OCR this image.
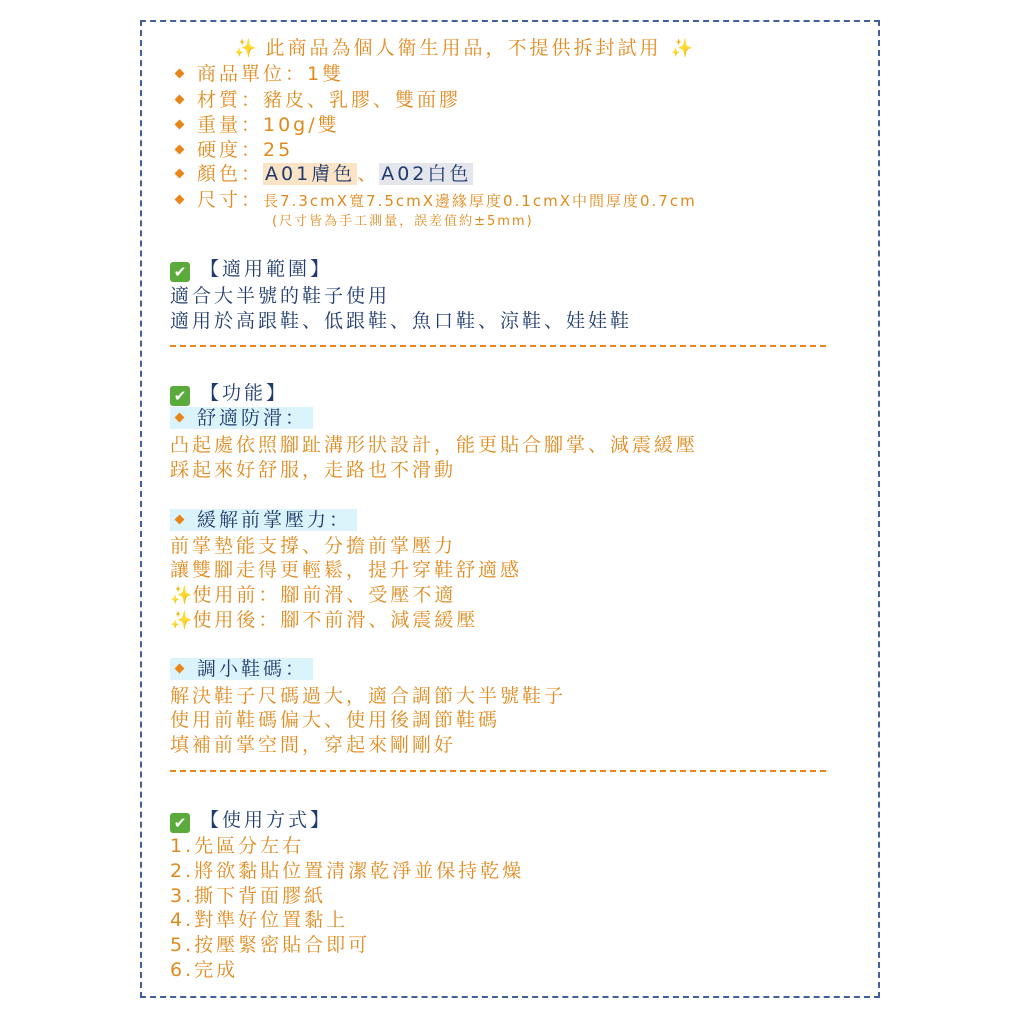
✨ 此商品為個人衛生用品，不提供拆封試用 ✨
商品單位：1雙
材質：豬皮、乳膠、雙面膠
重量：10g/雙
硬度：25
顏色： A01膚色 、 A02白色
尺寸：長7.3cmX寬7.5cmX邊緣厚度0.1cmX中間厚度0.7cm
(尺寸皆為手工測量，誤差值約±5mm)
✔ 【適用範圍】
適合大半號的鞋子使用
適用於高跟鞋、低跟鞋、魚口鞋、涼鞋、娃娃鞋
✔ 【功能】
舒適防滑：
凸起處依照腳趾溝形狀設計，能更貼合腳掌、減震緩壓
踩起來好舒服，走路也不滑動
緩解前掌壓力：
前掌墊能支撐、分擔前掌壓力
讓雙腳走得更輕鬆，提升穿鞋舒適感
✨使用前：腳前滑、受壓不適
✨使用後：腳不前滑、減震緩壓
調小鞋碼：
解決鞋子尺碼過大，適合調節大半號鞋子
使用前鞋碼偏大、使用後調節鞋碼
填補前掌空間，穿起來剛剛好
✔ 【使用方式】
1.先區分左右
2.將欲黏貼位置清潔乾淨並保持乾燥
3.撕下背面膠紙
4.對準好位置黏上
5.按壓緊密貼合即可
6.完成
